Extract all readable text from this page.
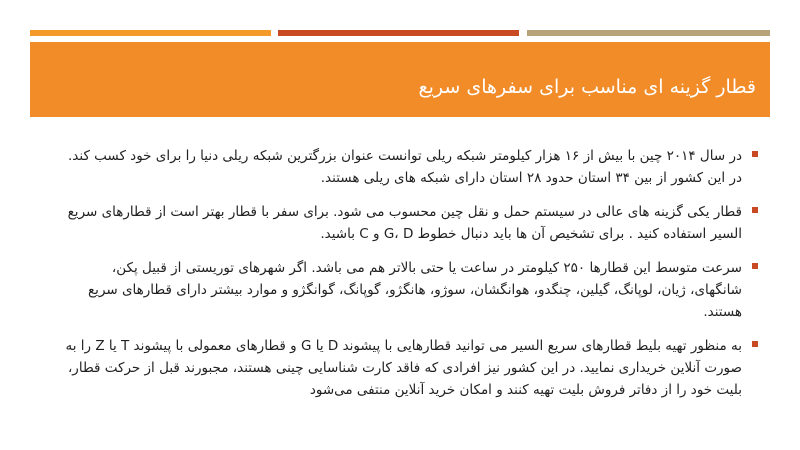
قطار گزینه ای مناسب برای سفرهای سریع
در سال ۲۰۱۴ چین با بیش از ۱۶ هزار کیلومتر شبکه ریلی توانست عنوان بزرگترین شبکه ریلی دنیا را برای خود کسب کند. در این کشور از بین ۳۴ استان حدود ۲۸ استان دارای شبکه های ریلی هستند.
قطار یکی گزینه های عالی در سیستم حمل و نقل چین محسوب می شود. برای سفر با قطار بهتر است از قطارهای سریع السیر استفاده کنید . برای تشخیص آن ها باید دنبال خطوط G، D و C باشید.
سرعت متوسط این قطارها ۲۵۰ کیلومتر در ساعت یا حتی بالاتر هم می باشد. اگر شهرهای توریستی از قبیل پکن، شانگهای، ژیان، لوپانگ، گیلین، چنگدو، هوانگشان، سوژو، هانگژو، گوپانگ، گوانگژو و موارد بیشتر دارای قطارهای سریع هستند.
به منظور تهیه بلیط قطارهای سریع السیر می توانید قطارهایی با پیشوند D یا G و قطارهای معمولی با پیشوند T یا Z را به صورت آنلاین خریداری نمایید. در این کشور نیز افرادی که فاقد کارت شناسایی چینی هستند، مجبورند قبل از حرکت قطار، بلیت خود را از دفاتر فروش بلیت تهیه کنند و امکان خرید آنلاین منتفی می‌شود
